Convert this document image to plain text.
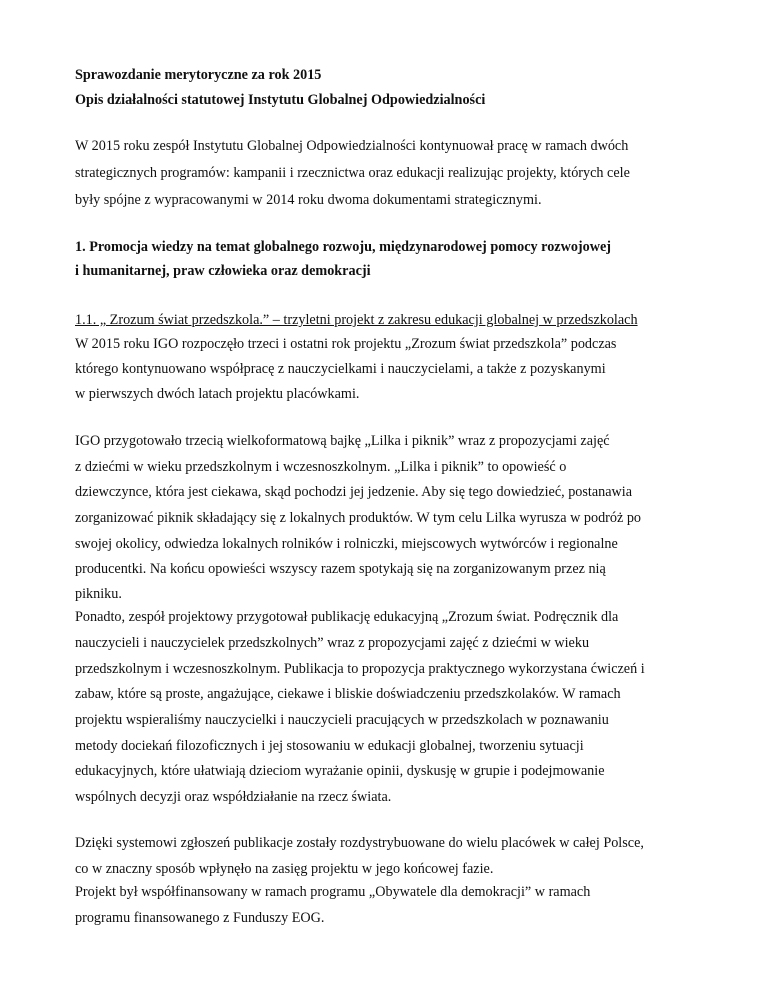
Sprawozdanie merytoryczne za rok 2015
Opis działalności statutowej Instytutu Globalnej Odpowiedzialności
W 2015 roku zespół Instytutu Globalnej Odpowiedzialności kontynuował pracę w ramach dwóch
strategicznych programów: kampanii i rzecznictwa oraz edukacji realizując projekty, których cele
były spójne z wypracowanymi w 2014 roku dwoma dokumentami strategicznymi.
1. Promocja wiedzy na temat globalnego rozwoju, międzynarodowej pomocy rozwojowej
i humanitarnej, praw człowieka oraz demokracji
1.1. „ Zrozum świat przedszkola.” – trzyletni projekt z zakresu edukacji globalnej w przedszkolach
W 2015 roku IGO rozpoczęło trzeci i ostatni rok projektu „Zrozum świat przedszkola” podczas
którego kontynuowano współpracę z nauczycielkami i nauczycielami, a także z pozyskanymi
w pierwszych dwóch latach projektu placówkami.
IGO przygotowało trzecią wielkoformatową bajkę „Lilka i piknik” wraz z propozycjami zajęć
z dziećmi w wieku przedszkolnym i wczesnoszkolnym. „Lilka i piknik” to opowieść o
dziewczynce, która jest ciekawa, skąd pochodzi jej jedzenie. Aby się tego dowiedzieć, postanawia
zorganizować piknik składający się z lokalnych produktów. W tym celu Lilka wyrusza w podróż po
swojej okolicy, odwiedza lokalnych rolników i rolniczki, miejscowych wytwórców i regionalne
producentki. Na końcu opowieści wszyscy razem spotykają się na zorganizowanym przez nią
pikniku.
Ponadto, zespół projektowy przygotował publikację edukacyjną „Zrozum świat. Podręcznik dla
nauczycieli i nauczycielek przedszkolnych” wraz z propozycjami zajęć z dziećmi w wieku
przedszkolnym i wczesnoszkolnym. Publikacja to propozycja praktycznego wykorzystana ćwiczeń i
zabaw, które są proste, angażujące, ciekawe i bliskie doświadczeniu przedszkolaków. W ramach
projektu wspieraliśmy nauczycielki i nauczycieli pracujących w przedszkolach w poznawaniu
metody dociekań filozoficznych i jej stosowaniu w edukacji globalnej, tworzeniu sytuacji
edukacyjnych, które ułatwiają dzieciom wyrażanie opinii, dyskusję w grupie i podejmowanie
wspólnych decyzji oraz współdziałanie na rzecz świata.
Dzięki systemowi zgłoszeń publikacje zostały rozdystrybuowane do wielu placówek w całej Polsce,
co w znaczny sposób wpłynęło na zasięg projektu w jego końcowej fazie.
Projekt był współfinansowany w ramach programu „Obywatele dla demokracji” w ramach
programu finansowanego z Funduszy EOG.
